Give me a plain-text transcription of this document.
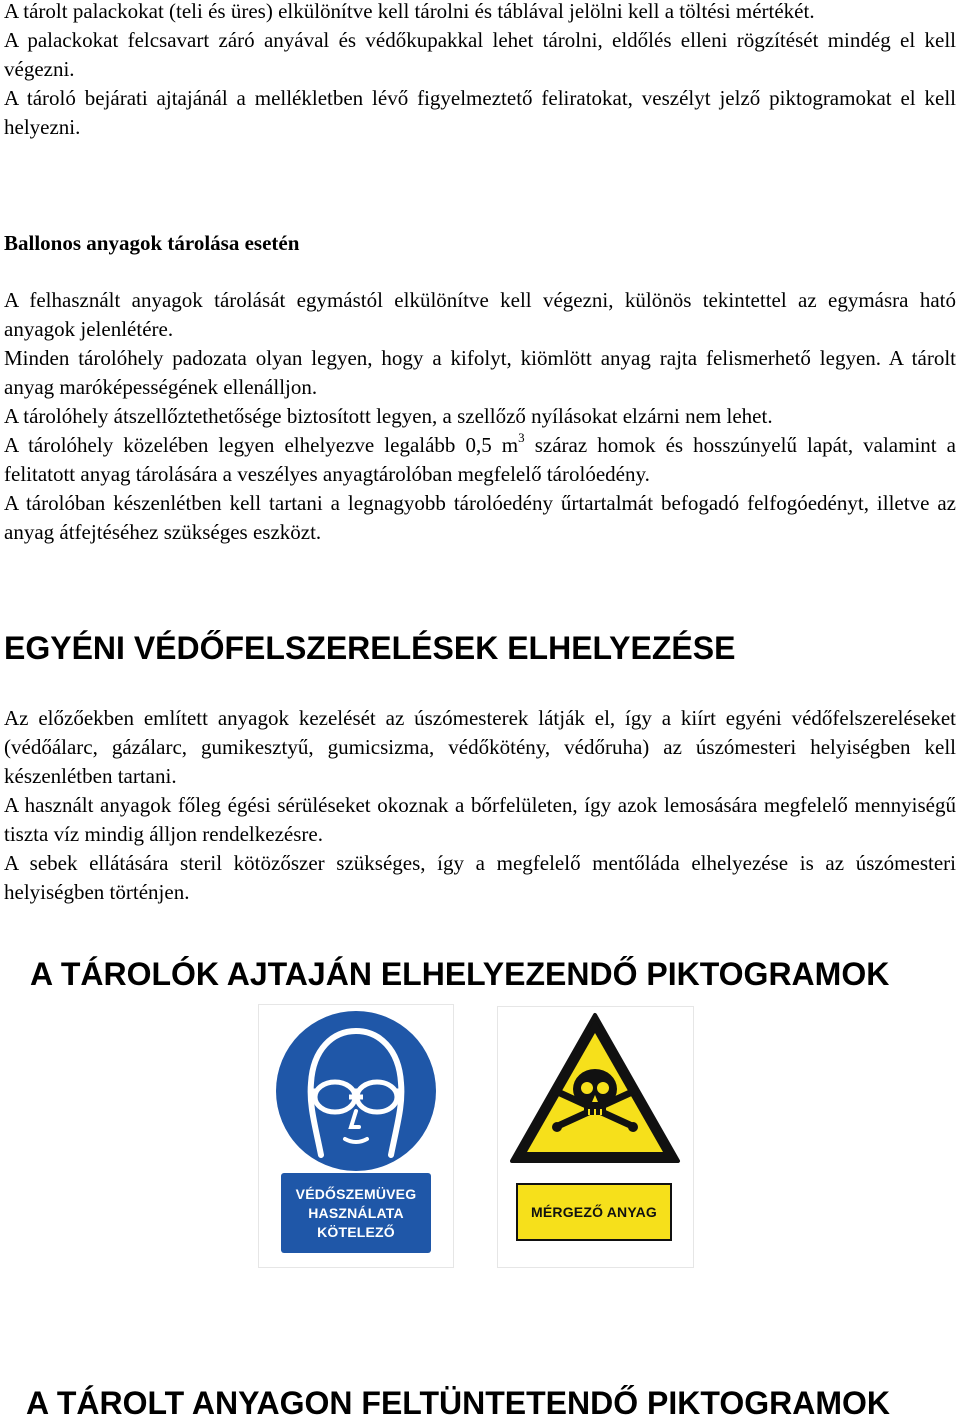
A tárolt palackokat (teli és üres) elkülönítve kell tárolni és táblával jelölni kell a töltési mértékét.

A palackokat felcsavart záró anyával és védőkupakkal lehet tárolni, eldőlés elleni rögzítését mindég el kell végezni.

A tároló bejárati ajtajánál a mellékletben lévő figyelmeztető feliratokat, veszélyt jelző piktogramokat el kell helyezni.

Ballonos anyagok tárolása esetén

A felhasznált anyagok tárolását egymástól elkülönítve kell végezni, különös tekintettel az egymásra ható anyagok jelenlétére.

Minden tárolóhely padozata olyan legyen, hogy a kifolyt, kiömlött anyag rajta felismerhető legyen. A tárolt anyag maróképességének ellenálljon.

A tárolóhely átszellőztethetősége biztosított legyen, a szellőző nyílásokat elzárni nem lehet.

A tárolóhely közelében legyen elhelyezve legalább 0,5 $m^3$ száraz homok és hosszúnyelű lapát, valamint a felitatott anyag tárolására a veszélyes anyagtárolóban megfelelő tárolóedény.

A tárolóban készenlétben kell tartani a legnagyobb tárolóedény űrtartalmát befogadó felfogóedényt, illetve az anyag átfejtéséhez szükséges eszközt.

EGYÉNI VÉDŐFELSZERELÉSEK ELHELYEZÉSE

Az előzőekben említett anyagok kezelését az úszómesterek látják el, így a kiírt egyéni védőfelszereléseket (védőálarc, gázálarc, gumikesztyű, gumicsizma, védőkötény, védőruha) az úszómesteri helyiségben kell készenlétben tartani.

A használt anyagok főleg égési sérüléseket okoznak a bőrfelületen, így azok lemosására megfelelő mennyiségű tiszta víz mindig álljon rendelkezésre.

A sebek ellátására steril kötözőszer szükséges, így a megfelelő mentőláda elhelyezése is az úszómesteri helyiségben történjen.

A TÁROLÓK AJTAJÁN ELHELYEZENDŐ PIKTOGRAMOK
A TÁROLT ANYAGON FELTÜNTETENDŐ PIKTOGRAMOK
VÉDŐSZEMÜVEG
HASZNÁLATA
KÖTELEZŐ
MÉRGEZŐ ANYAG
